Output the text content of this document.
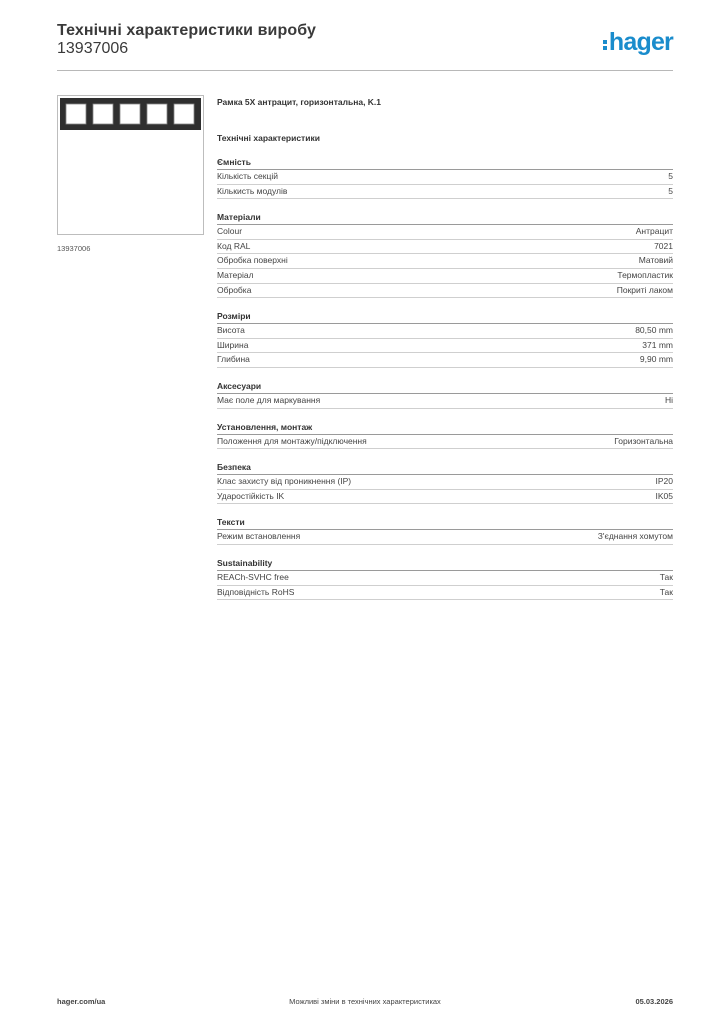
Технічні характеристики виробу
13937006	hager
13937006
Рамка 5X антрацит, горизонтальна, K.1
Технічні характеристики
Ємність
Кількість секцій	5
Кількисть модулів	5
Матеріали
Colour	Антрацит
Код RAL	7021
Обробка поверхні	Матовий
Матеріал	Термопластик
Обробка	Покриті лаком
Розміри
Висота	80,50 mm
Ширина	371 mm
Глибина	9,90 mm
Аксесуари
Має поле для маркування	Ні
Установлення, монтаж
Положення для монтажу/підключення	Горизонтальна
Безпека
Клас захисту від проникнення (IP)	IP20
Ударостійкість IK	IK05
Тексти
Режим встановлення	З'єднання хомутом
Sustainability
REACh-SVHC free	Так
Відповідність RoHS	Так
hager.com/ua	Можливі зміни в технічних характеристиках	05.03.2026
